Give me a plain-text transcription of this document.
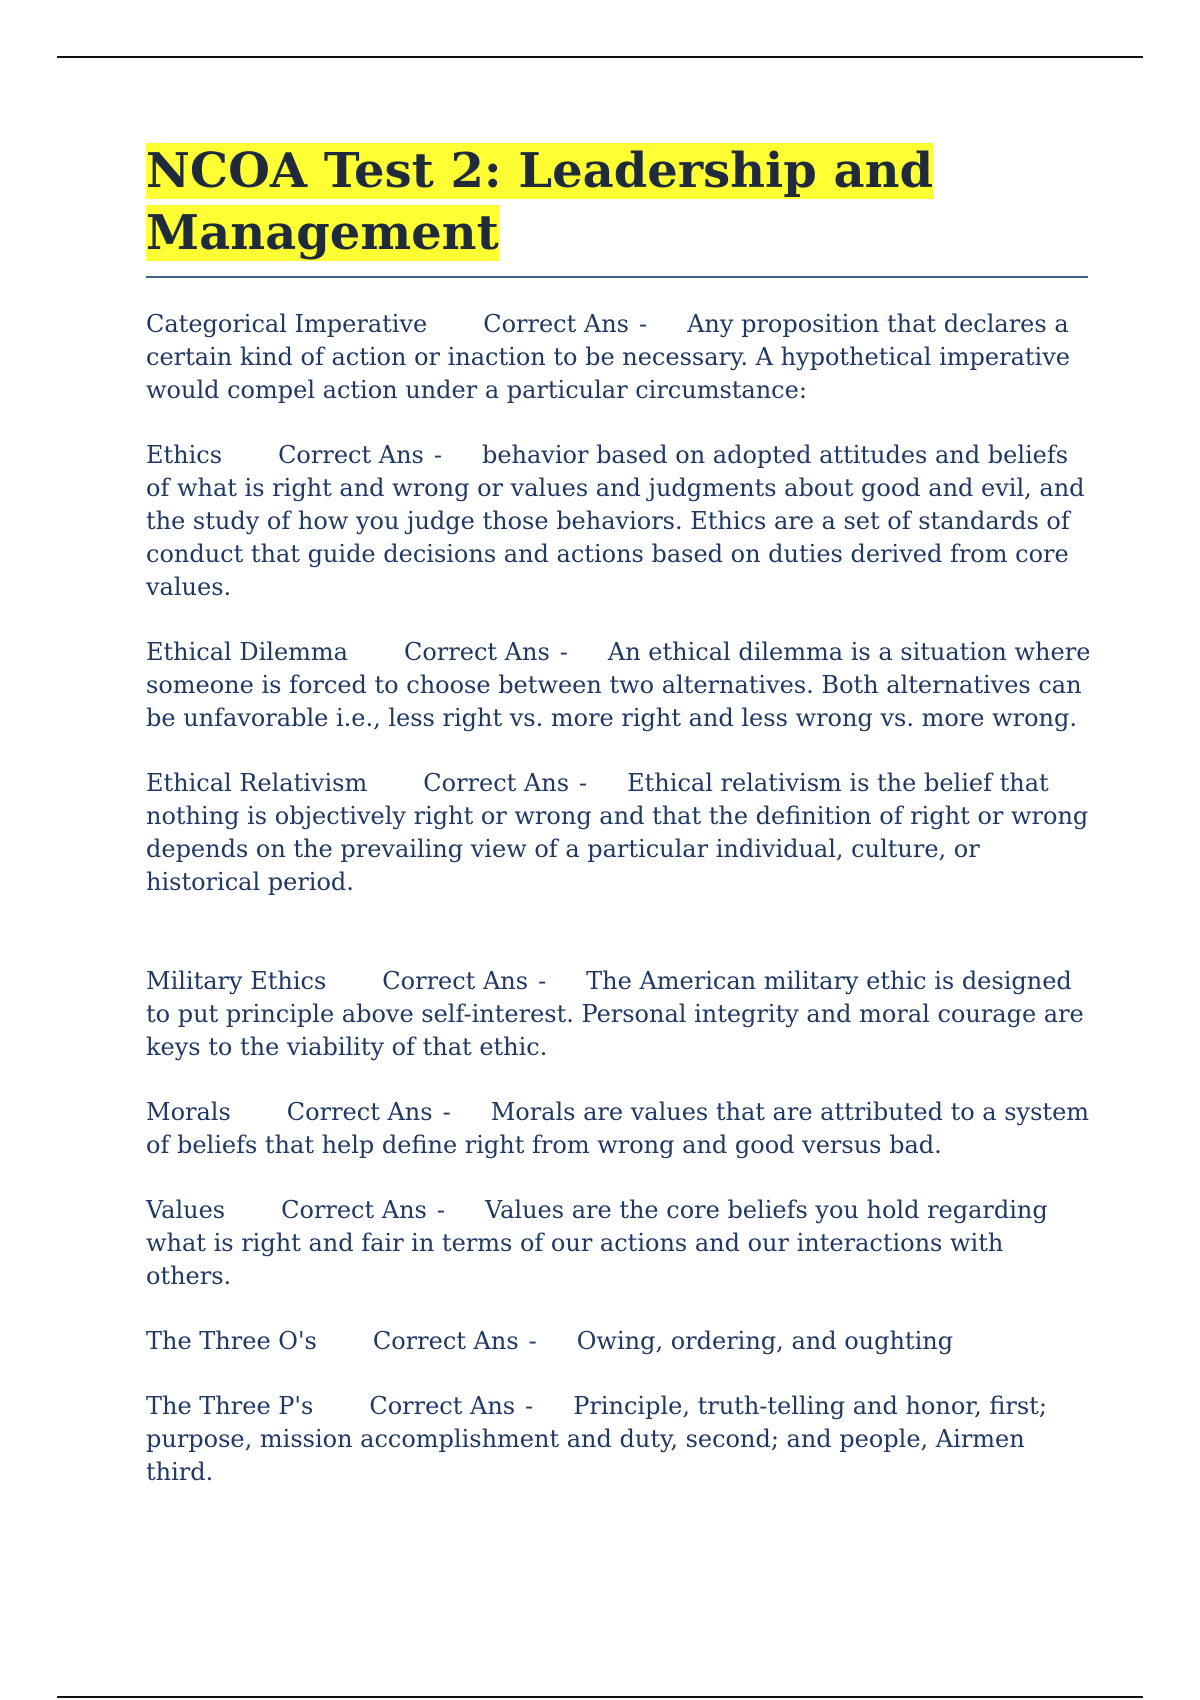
NCOA Test 2: Leadership and Management

Categorical Imperative Correct Ans - Any proposition that declares a certain kind of action or inaction to be necessary. A hypothetical imperative would compel action under a particular circumstance:

Ethics Correct Ans - behavior based on adopted attitudes and beliefs of what is right and wrong or values and judgments about good and evil, and the study of how you judge those behaviors. Ethics are a set of standards of conduct that guide decisions and actions based on duties derived from core values.

Ethical Dilemma Correct Ans - An ethical dilemma is a situation where someone is forced to choose between two alternatives. Both alternatives can be unfavorable i.e., less right vs. more right and less wrong vs. more wrong.

Ethical Relativism Correct Ans - Ethical relativism is the belief that nothing is objectively right or wrong and that the definition of right or wrong depends on the prevailing view of a particular individual, culture, or historical period.

Military Ethics Correct Ans - The American military ethic is designed to put principle above self-interest. Personal integrity and moral courage are keys to the viability of that ethic.

Morals Correct Ans - Morals are values that are attributed to a system of beliefs that help define right from wrong and good versus bad.

Values Correct Ans - Values are the core beliefs you hold regarding what is right and fair in terms of our actions and our interactions with others.

The Three O's Correct Ans - Owing, ordering, and oughting

The Three P's Correct Ans - Principle, truth-telling and honor, first; purpose, mission accomplishment and duty, second; and people, Airmen third.
